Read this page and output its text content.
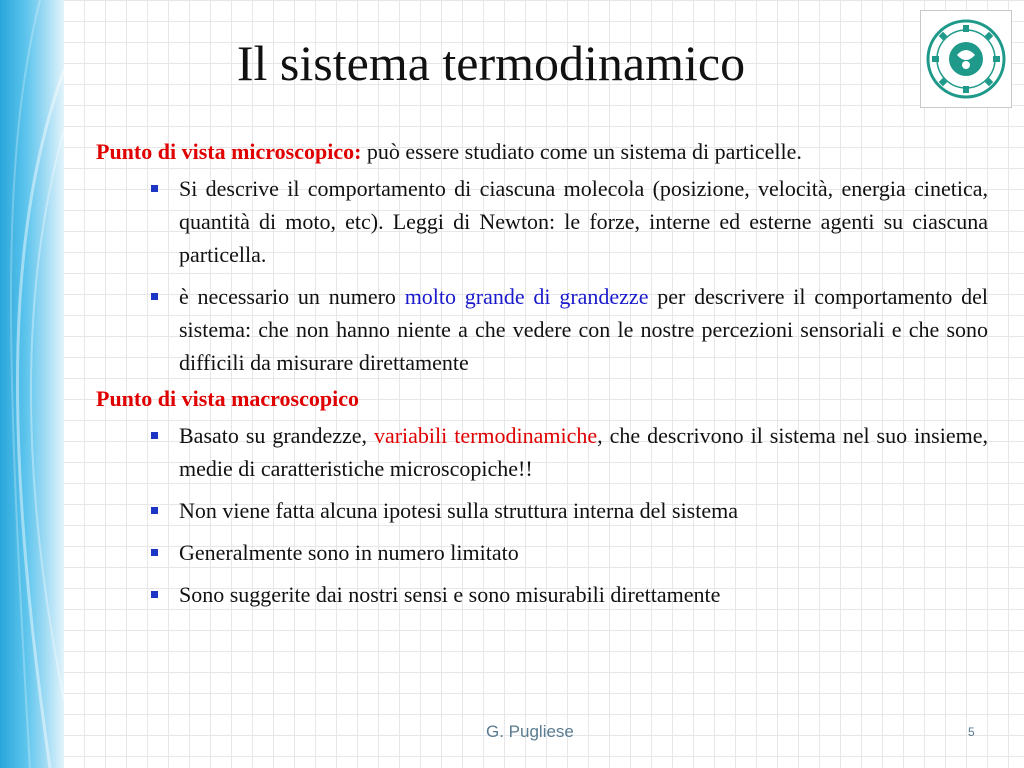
Il sistema termodinamico

Punto di vista microscopico: può essere studiato come un sistema di particelle.

Si descrive il comportamento di ciascuna molecola (posizione, velocità, energia cinetica, quantità di moto, etc). Leggi di Newton: le forze, interne ed esterne agenti su ciascuna particella.
è necessario un numero molto grande di grandezze per descrivere il comportamento del sistema: che non hanno niente a che vedere con le nostre percezioni sensoriali e che sono difficili da misurare direttamente

Punto di vista macroscopico

Basato su grandezze, variabili termodinamiche, che descrivono il sistema nel suo insieme, medie di caratteristiche microscopiche!!
Non viene fatta alcuna ipotesi sulla struttura interna del sistema
Generalmente sono in numero limitato
Sono suggerite dai nostri sensi e sono misurabili direttamente
G. Pugliese	5
